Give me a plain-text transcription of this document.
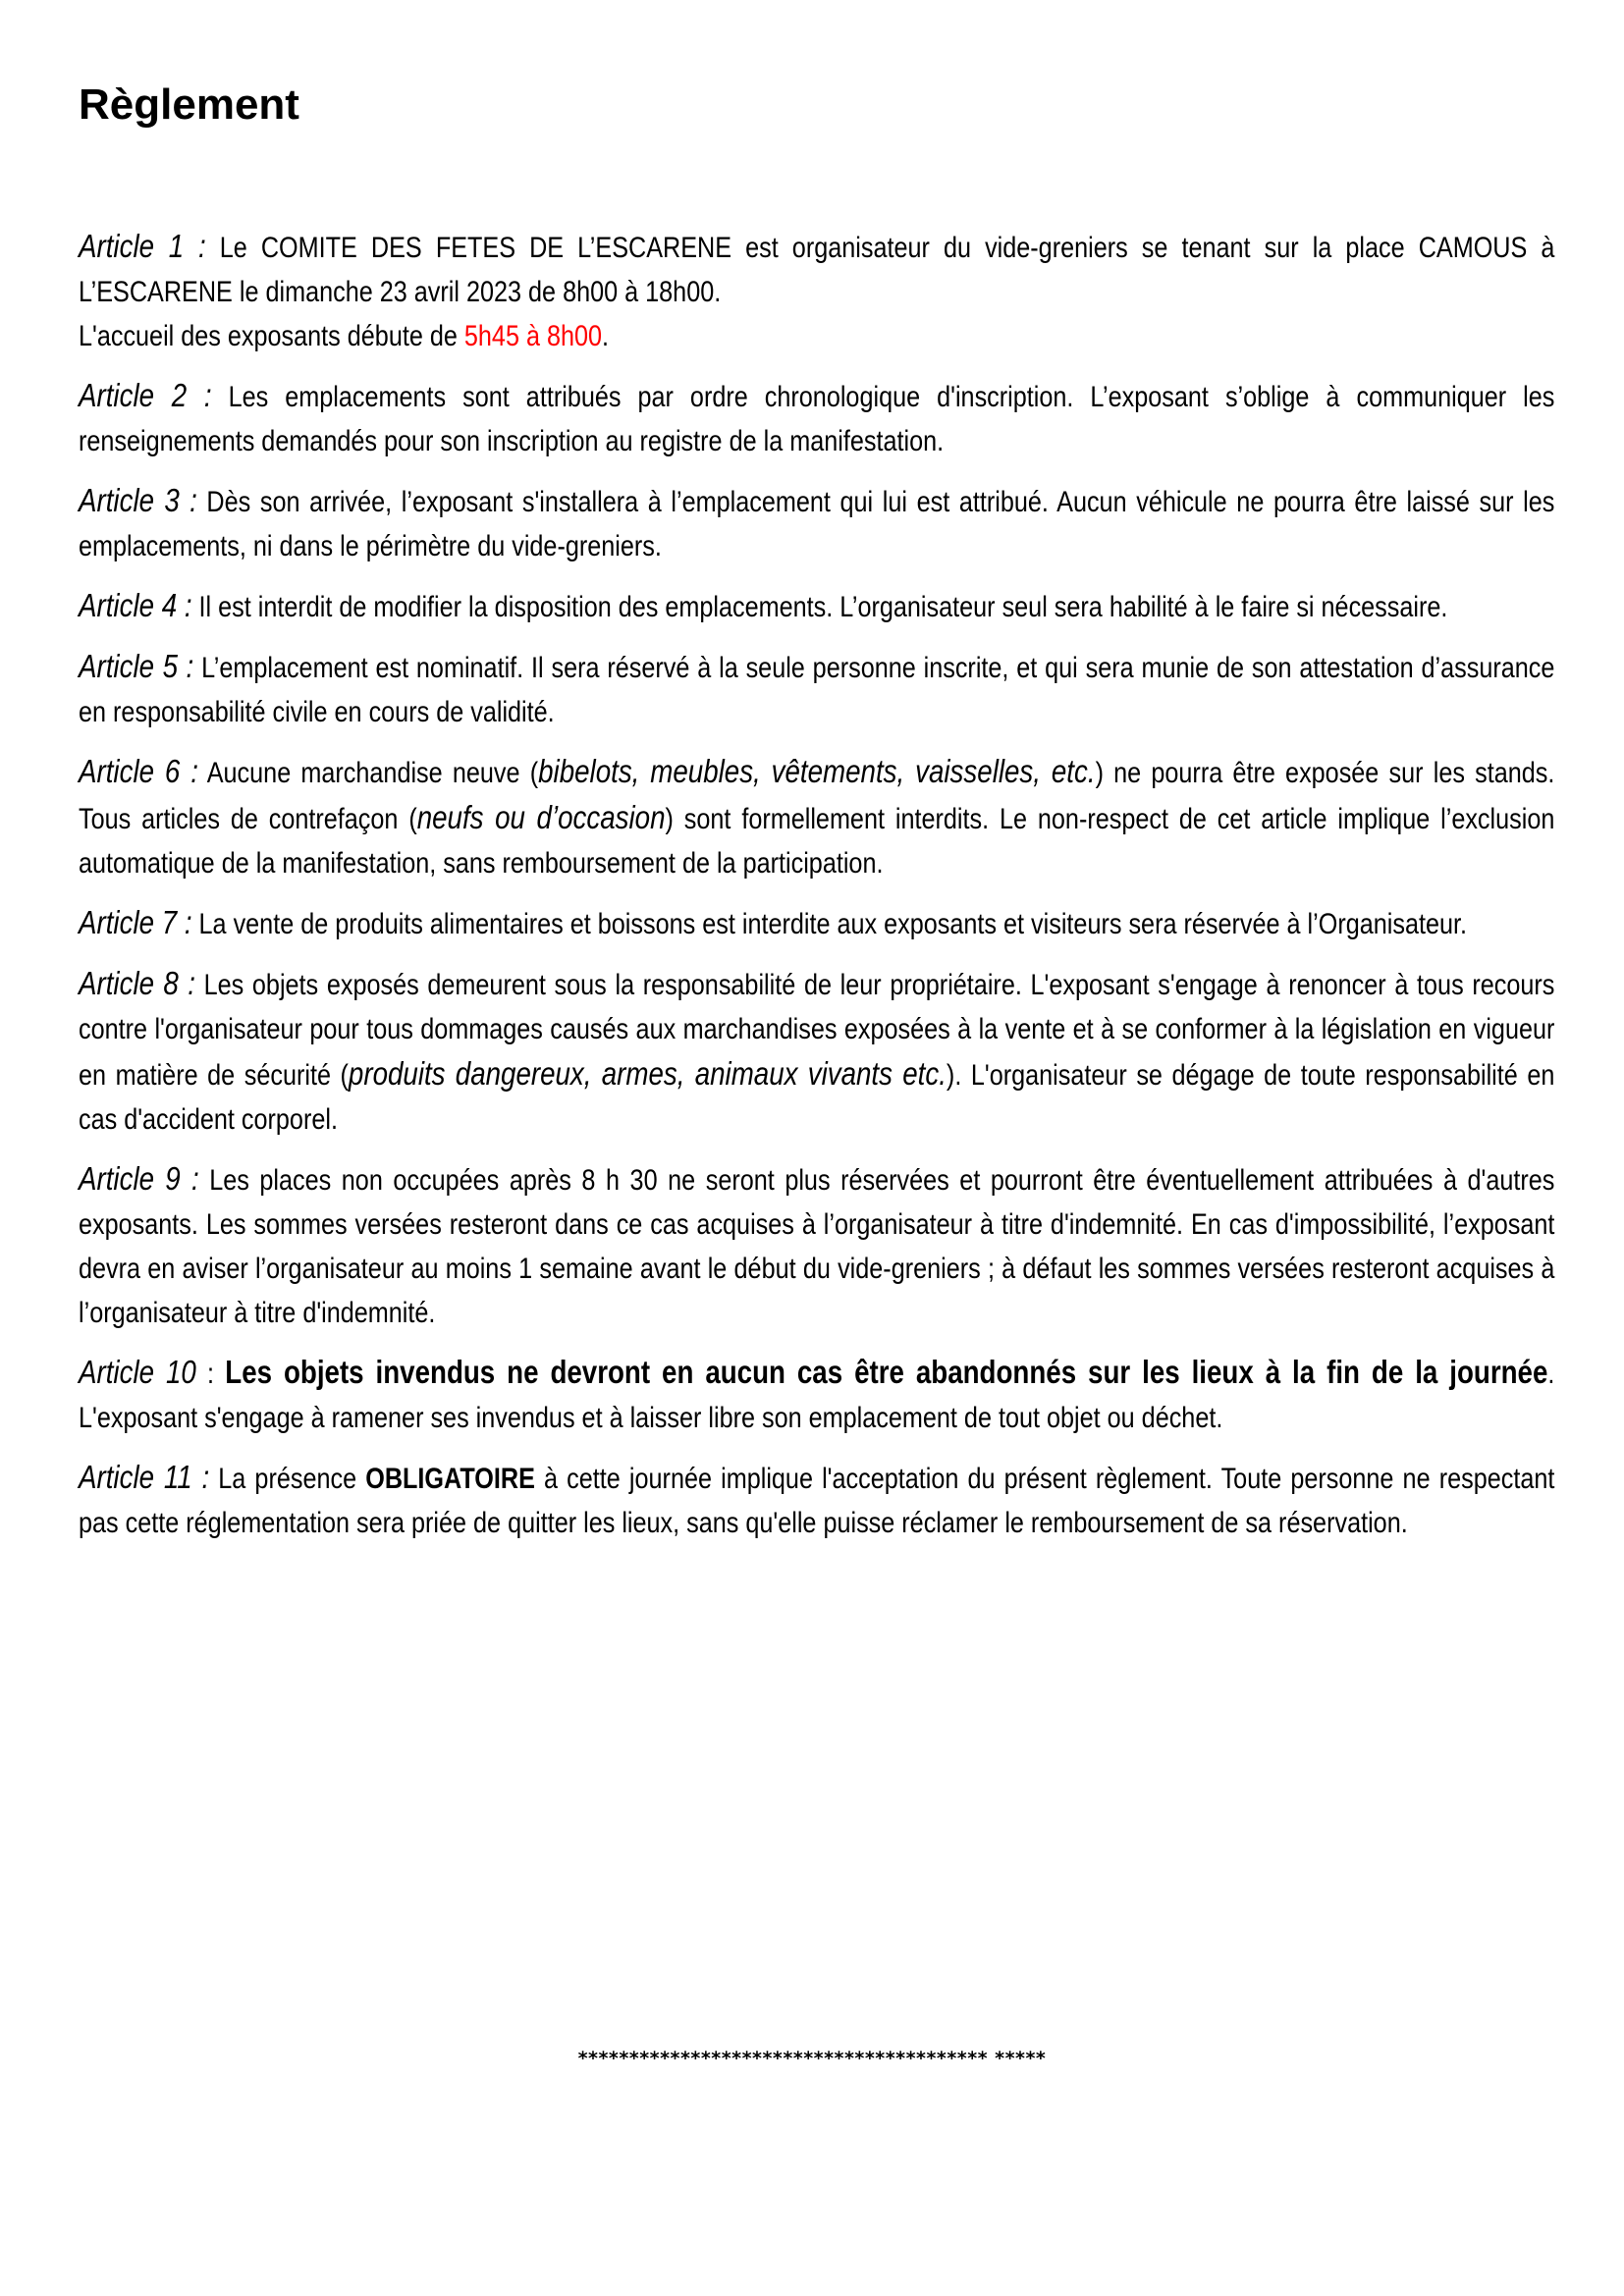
Règlement

Article 1 : Le COMITE DES FETES DE L’ESCARENE est organisateur du vide-greniers se tenant sur la place CAMOUS à L’ESCARENE le dimanche 23 avril 2023 de 8h00 à 18h00.
L'accueil des exposants débute de 5h45 à 8h00.

Article 2 : Les emplacements sont attribués par ordre chronologique d'inscription. L’exposant s’oblige à communiquer les renseignements demandés pour son inscription au registre de la manifestation.

Article 3 : Dès son arrivée, l’exposant s'installera à l’emplacement qui lui est attribué. Aucun véhicule ne pourra être laissé sur les emplacements, ni dans le périmètre du vide-greniers.

Article 4 : Il est interdit de modifier la disposition des emplacements. L’organisateur seul sera habilité à le faire si nécessaire.

Article 5 : L’emplacement est nominatif. Il sera réservé à la seule personne inscrite, et qui sera munie de son attestation d’assurance en responsabilité civile en cours de validité.

Article 6 : Aucune marchandise neuve (bibelots, meubles, vêtements, vaisselles, etc.) ne pourra être exposée sur les stands. Tous articles de contrefaçon (neufs ou d’occasion) sont formellement interdits. Le non-respect de cet article implique l’exclusion automatique de la manifestation, sans remboursement de la participation.

Article 7 : La vente de produits alimentaires et boissons est interdite aux exposants et visiteurs sera réservée à l’Organisateur.

Article 8 : Les objets exposés demeurent sous la responsabilité de leur propriétaire. L'exposant s'engage à renoncer à tous recours contre l'organisateur pour tous dommages causés aux marchandises exposées à la vente et à se conformer à la législation en vigueur en matière de sécurité (produits dangereux, armes, animaux vivants etc.). L'organisateur se dégage de toute responsabilité en cas d'accident corporel.

Article 9 : Les places non occupées après 8 h 30 ne seront plus réservées et pourront être éventuellement attribuées à d'autres exposants. Les sommes versées resteront dans ce cas acquises à l’organisateur à titre d'indemnité. En cas d'impossibilité, l’exposant devra en aviser l’organisateur au moins 1 semaine avant le début du vide-greniers ; à défaut les sommes versées resteront acquises à l’organisateur à titre d'indemnité.

Article 10 : Les objets invendus ne devront en aucun cas être abandonnés sur les lieux à la fin de la journée. L'exposant s'engage à ramener ses invendus et à laisser libre son emplacement de tout objet ou déchet.

Article 11 : La présence OBLIGATOIRE à cette journée implique l'acceptation du présent règlement. Toute personne ne respectant pas cette réglementation sera priée de quitter les lieux, sans qu'elle puisse réclamer le remboursement de sa réservation.

**************************************** *****
